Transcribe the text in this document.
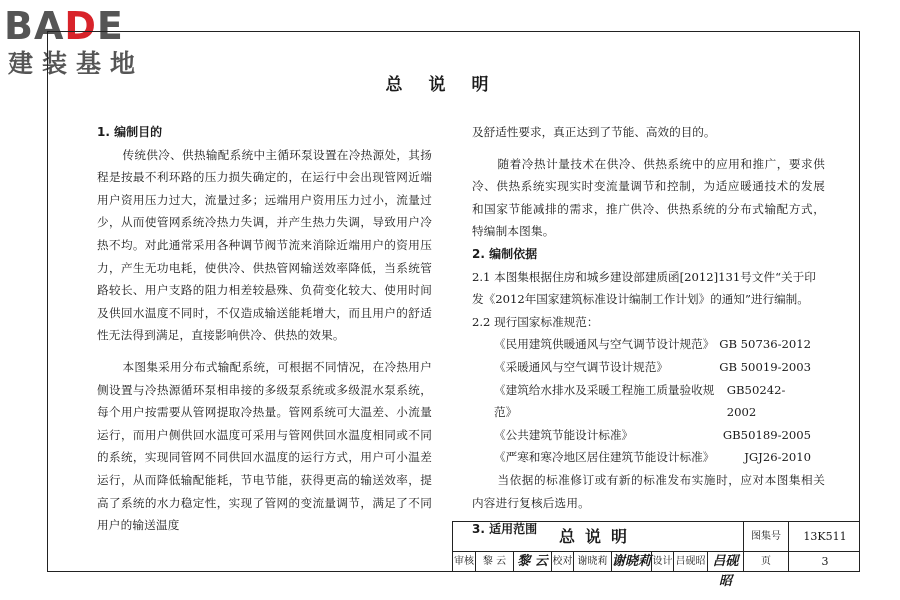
BADE
建装基地
总说明
1. 编制目的
传统供冷、供热输配系统中主循环泵设置在冷热源处，其扬程是按最不利环路的压力损失确定的，在运行中会出现管网近端用户资用压力过大，流量过多；远端用户资用压力过小，流量过少，从而使管网系统冷热力失调，并产生热力失调，导致用户冷热不均。对此通常采用各种调节阀节流来消除近端用户的资用压力，产生无功电耗，使供冷、供热管网输送效率降低，当系统管路较长、用户支路的阻力相差较悬殊、负荷变化较大、使用时间及供回水温度不同时，不仅造成输送能耗增大，而且用户的舒适性无法得到满足，直接影响供冷、供热的效果。
本图集采用分布式输配系统，可根据不同情况，在冷热用户侧设置与冷热源循环泵相串接的多级泵系统或多级混水泵系统，每个用户按需要从管网提取冷热量。管网系统可大温差、小流量运行，而用户侧供回水温度可采用与管网供回水温度相同或不同的系统，实现同管网不同供回水温度的运行方式，用户可小温差运行，从而降低输配能耗，节电节能，获得更高的输送效率，提高了系统的水力稳定性，实现了管网的变流量调节，满足了不同用户的输送温度
及舒适性要求，真正达到了节能、高效的目的。
随着冷热计量技术在供冷、供热系统中的应用和推广，要求供冷、供热系统实现实时变流量调节和控制，为适应暖通技术的发展和国家节能减排的需求，推广供冷、供热系统的分布式输配方式，特编制本图集。
2. 编制依据
2.1 本图集根据住房和城乡建设部建质函[2012]131号文件“关于印发《2012年国家建筑标准设计编制工作计划》的通知”进行编制。
2.2 现行国家标准规范：
《民用建筑供暖通风与空气调节设计规范》 GB 50736-2012
《采暖通风与空气调节设计规范》	GB 50019-2003
《建筑给水排水及采暖工程施工质量验收规范》
GB50242-2002
《公共建筑节能设计标准》	GB50189-2005
《严寒和寒冷地区居住建筑节能设计标准》	JGJ26-2010
当依据的标准修订或有新的标准发布实施时，应对本图集相关内容进行复核后选用。
3. 适用范围	总说明	图集号	13K511
审核 黎 云 黎 云 校对 谢晓莉 谢晓莉 设计 吕砚昭 吕砚昭
页	3
